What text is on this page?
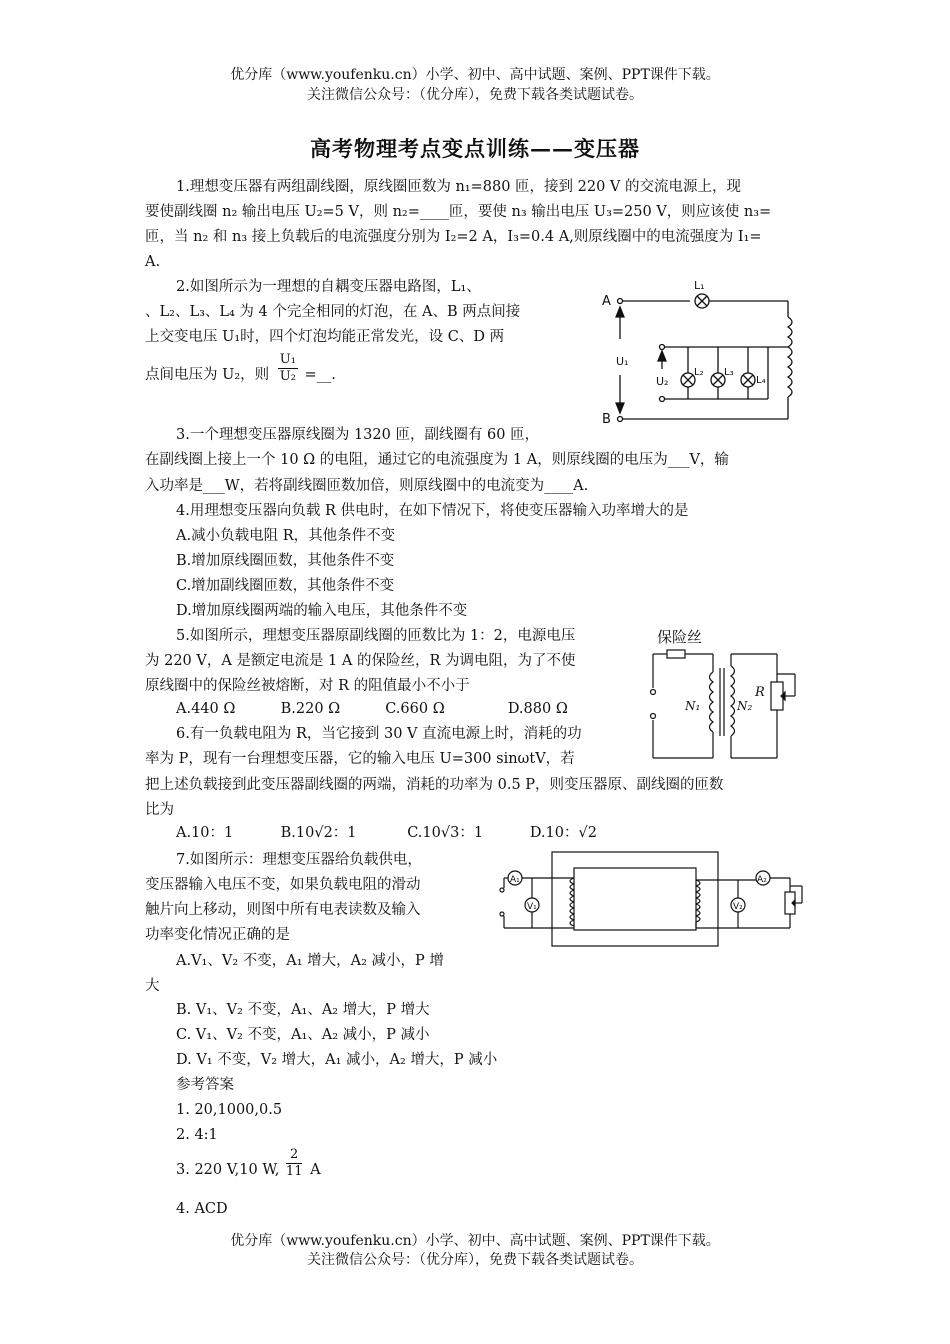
优分库（www.youfenku.cn）小学、初中、高中试题、案例、PPT课件下载。
关注微信公众号：（优分库），免费下载各类试题试卷。
高考物理考点变点训练——变压器
1.理想变压器有两组副线圈，原线圈匝数为 n₁=880 匝，接到 220 V 的交流电源上，现
要使副线圈 n₂ 输出电压 U₂=5 V，则 n₂=____匝，要使 n₃ 输出电压 U₃=250 V，则应该使 n₃=
匝，当 n₂ 和 n₃ 接上负载后的电流强度分别为 I₂=2 A，I₃=0.4 A,则原线圈中的电流强度为 I₁=
A.
2.如图所示为一理想的自耦变压器电路图，L₁、
、L₂、L₃、L₄ 为 4 个完全相同的灯泡，在 A、B 两点间接
上交变电压 U₁时，四个灯泡均能正常发光，设 C、D 两
点间电压为 U₂，则 $\frac{\text{U₁}}{\text{U₂}}$ =__.
A
B
L₁
U₁
U₂
L₂ L₃
L₄
3.一个理想变压器原线圈为 1320 匝，副线圈有 60 匝，
在副线圈上接上一个 10 Ω 的电阻，通过它的电流强度为 1 A，则原线圈的电压为___V，输
入功率是___W，若将副线圈匝数加倍，则原线圈中的电流变为____A.
4.用理想变压器向负载 R 供电时，在如下情况下，将使变压器输入功率增大的是
A.减小负载电阻 R，其他条件不变
B.增加原线圈匝数，其他条件不变
C.增加副线圈匝数，其他条件不变
D.增加原线圈两端的输入电压，其他条件不变
5.如图所示，理想变压器原副线圈的匝数比为 1：2，电源电压
为 220 V，A 是额定电流是 1 A 的保险丝，R 为调电阻，为了不使
原线圈中的保险丝被熔断，对 R 的阻值最小不小于
A.440 Ω	B.220 Ω	C.660 Ω	D.880 Ω
保险丝
N₁	N₂
R
6.有一负载电阻为 R，当它接到 30 V 直流电源上时，消耗的功
率为 P，现有一台理想变压器，它的输入电压 U=300 sinωtV，若
把上述负载接到此变压器副线圈的两端，消耗的功率为 0.5 P，则变压器原、副线圈的匝数
比为
A.10：1	B.10√2：1	C.10√3：1	D.10：√2
7.如图所示：理想变压器给负载供电，
变压器输入电压不变，如果负载电阻的滑动
触片向上移动，则图中所有电表读数及输入
功率变化情况正确的是
A.V₁、V₂ 不变，A₁ 增大，A₂ 减小，P 增
大
B. V₁、V₂ 不变，A₁、A₂ 增大，P 增大
C. V₁、V₂ 不变，A₁、A₂ 减小，P 减小
D. V₁ 不变，V₂ 增大，A₁ 减小，A₂ 增大，P 减小
A₁
V₁
A₂
V₂
参考答案
1. 20,1000,0.5
2. 4:1
3. 220 V,10 W, $\frac{2}{11}$ A
4. ACD
优分库（www.youfenku.cn）小学、初中、高中试题、案例、PPT课件下载。
关注微信公众号：（优分库），免费下载各类试题试卷。
